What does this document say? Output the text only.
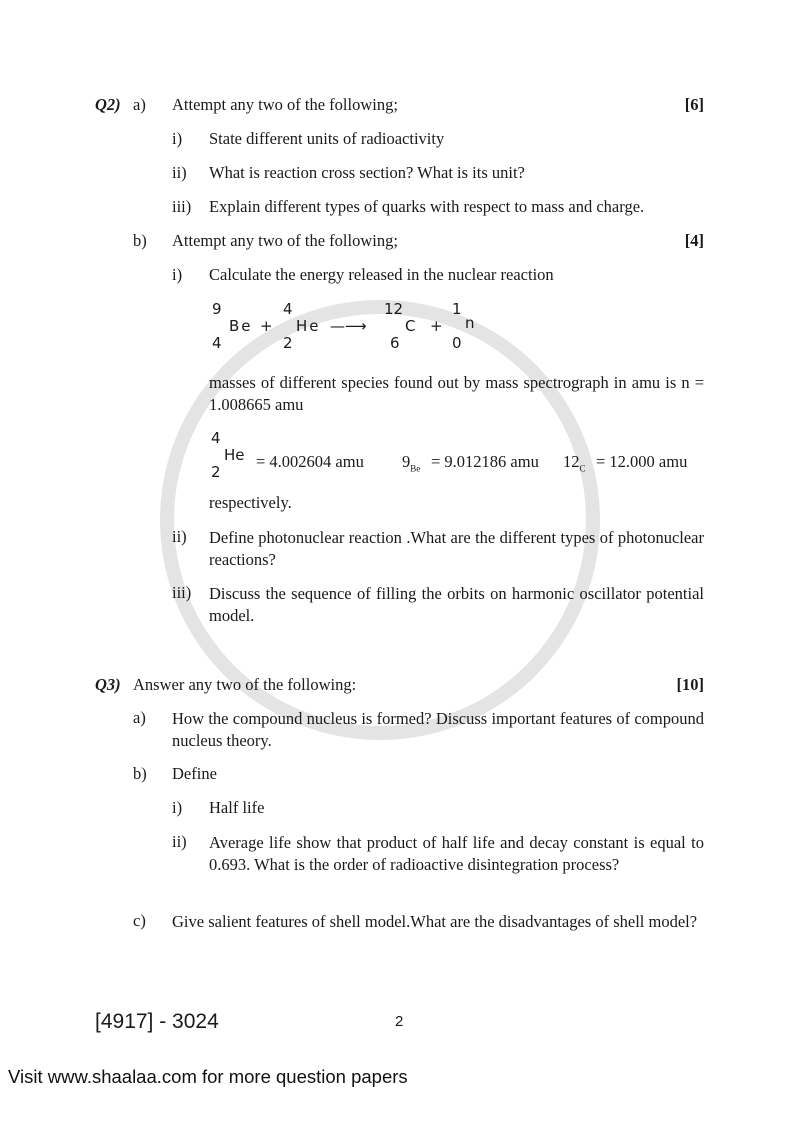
Q2) a) Attempt any two of the following;	[6]
i) State different units of radioactivity
ii) What is reaction cross section? What is its unit?
iii) Explain different types of quarks with respect to mass and charge.
b) Attempt any two of the following;	[4]
i) Calculate the energy released in the nuclear reaction
9
4
Be +
4
2
He —⟶
12
6
C +
1
0
n
masses of different species found out by mass spectrograph in amu is n = 1.008665 amu
4
He
2
= 4.002604 amu $9_{Be} = 9.012186$ amu $12_C = 12.000$ amu
respectively.
ii) Define photonuclear reaction .What are the different types of photonuclear reactions?
iii) Discuss the sequence of filling the orbits on harmonic oscillator potential model.
Q3) Answer any two of the following:	[10]
a) How the compound nucleus is formed? Discuss important features of compound nucleus theory.
b) Define
i) Half life
ii) Average life show that product of half life and decay constant is equal to 0.693. What is the order of radioactive disintegration process?
c) Give salient features of shell model.What are the disadvantages of shell model?
[4917] - 3024	2
Visit www.shaalaa.com for more question papers
